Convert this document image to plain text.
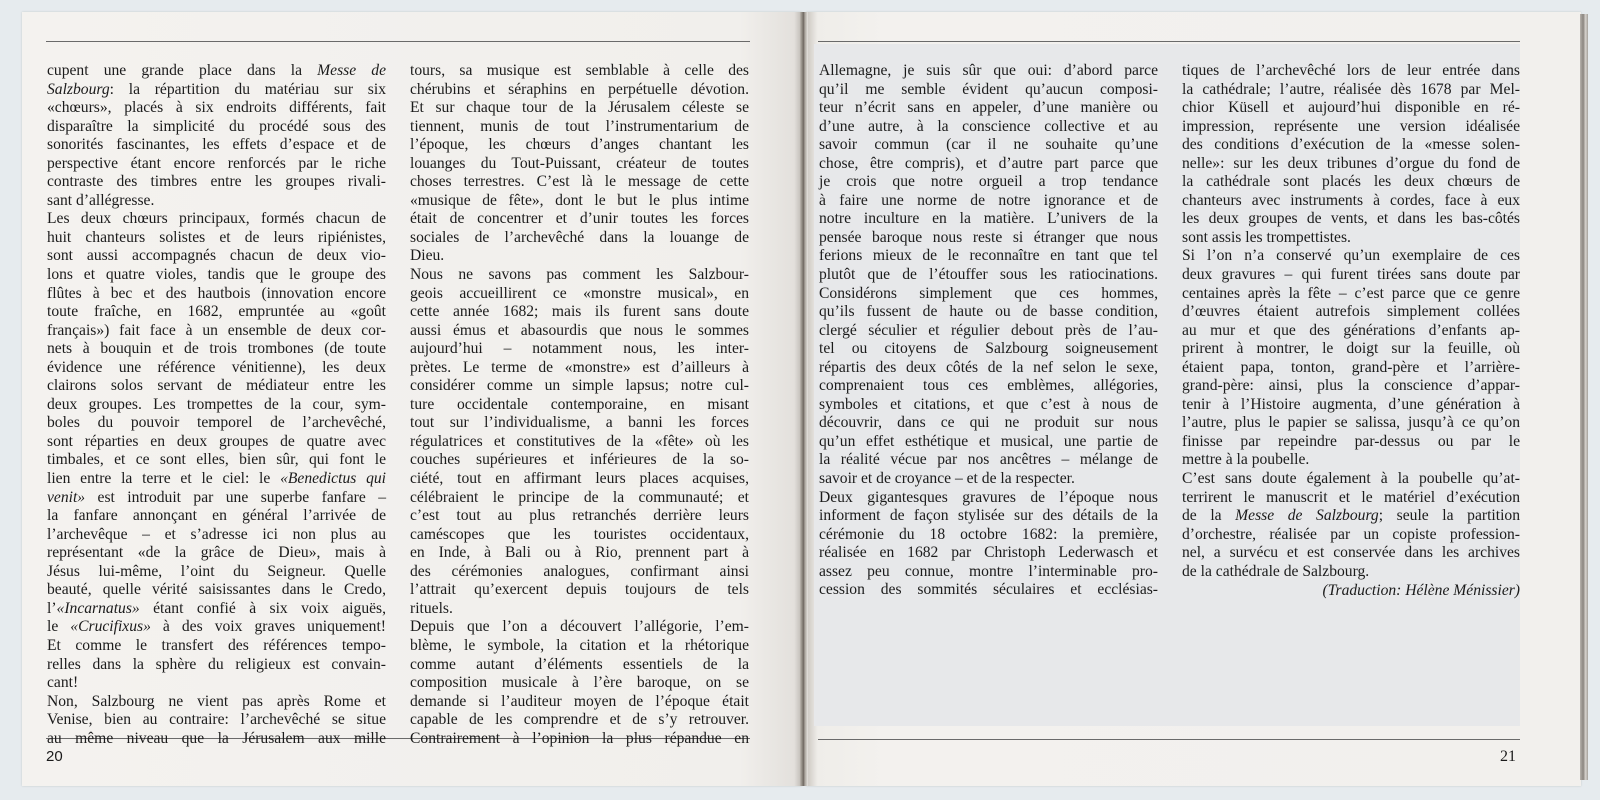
cupent une grande place dans la Messe de
Salzbourg: la répartition du matériau sur six
«chœurs», placés à six endroits différents, fait
disparaître la simplicité du procédé sous des
sonorités fascinantes, les effets d’espace et de
perspective étant encore renforcés par le riche
contraste des timbres entre les groupes rivali-
sant d’allégresse.
Les deux chœurs principaux, formés chacun de
huit chanteurs solistes et de leurs ripiénistes,
sont aussi accompagnés chacun de deux vio-
lons et quatre violes, tandis que le groupe des
flûtes à bec et des hautbois (innovation encore
toute fraîche, en 1682, empruntée au «goût
français») fait face à un ensemble de deux cor-
nets à bouquin et de trois trombones (de toute
évidence une référence vénitienne), les deux
clairons solos servant de médiateur entre les
deux groupes. Les trompettes de la cour, sym-
boles du pouvoir temporel de l’archevêché,
sont réparties en deux groupes de quatre avec
timbales, et ce sont elles, bien sûr, qui font le
lien entre la terre et le ciel: le «Benedictus qui
venit» est introduit par une superbe fanfare –
la fanfare annonçant en général l’arrivée de
l’archevêque – et s’adresse ici non plus au
représentant «de la grâce de Dieu», mais à
Jésus lui-même, l’oint du Seigneur. Quelle
beauté, quelle vérité saisissantes dans le Credo,
l’«Incarnatus» étant confié à six voix aiguës,
le «Crucifixus» à des voix graves uniquement!
Et comme le transfert des références tempo-
relles dans la sphère du religieux est convain-
cant!
Non, Salzbourg ne vient pas après Rome et
Venise, bien au contraire: l’archevêché se situe
au même niveau que la Jérusalem aux mille
tours, sa musique est semblable à celle des
chérubins et séraphins en perpétuelle dévotion.
Et sur chaque tour de la Jérusalem céleste se
tiennent, munis de tout l’instrumentarium de
l’époque, les chœurs d’anges chantant les
louanges du Tout-Puissant, créateur de toutes
choses terrestres. C’est là le message de cette
«musique de fête», dont le but le plus intime
était de concentrer et d’unir toutes les forces
sociales de l’archevêché dans la louange de
Dieu.
Nous ne savons pas comment les Salzbour-
geois accueillirent ce «monstre musical», en
cette année 1682; mais ils furent sans doute
aussi émus et abasourdis que nous le sommes
aujourd’hui – notamment nous, les inter-
prètes. Le terme de «monstre» est d’ailleurs à
considérer comme un simple lapsus; notre cul-
ture occidentale contemporaine, en misant
tout sur l’individualisme, a banni les forces
régulatrices et constitutives de la «fête» où les
couches supérieures et inférieures de la so-
ciété, tout en affirmant leurs places acquises,
célébraient le principe de la communauté; et
c’est tout au plus retranchés derrière leurs
caméscopes que les touristes occidentaux,
en Inde, à Bali ou à Rio, prennent part à
des cérémonies analogues, confirmant ainsi
l’attrait qu’exercent depuis toujours de tels
rituels.
Depuis que l’on a découvert l’allégorie, l’em-
blème, le symbole, la citation et la rhétorique
comme autant d’éléments essentiels de la
composition musicale à l’ère baroque, on se
demande si l’auditeur moyen de l’époque était
capable de les comprendre et de s’y retrouver.
Contrairement à l’opinion la plus répandue en
Allemagne, je suis sûr que oui: d’abord parce
qu’il me semble évident qu’aucun composi-
teur n’écrit sans en appeler, d’une manière ou
d’une autre, à la conscience collective et au
savoir commun (car il ne souhaite qu’une
chose, être compris), et d’autre part parce que
je crois que notre orgueil a trop tendance
à faire une norme de notre ignorance et de
notre inculture en la matière. L’univers de la
pensée baroque nous reste si étranger que nous
ferions mieux de le reconnaître en tant que tel
plutôt que de l’étouffer sous les ratiocinations.
Considérons simplement que ces hommes,
qu’ils fussent de haute ou de basse condition,
clergé séculier et régulier debout près de l’au-
tel ou citoyens de Salzbourg soigneusement
répartis des deux côtés de la nef selon le sexe,
comprenaient tous ces emblèmes, allégories,
symboles et citations, et que c’est à nous de
découvrir, dans ce qui ne produit sur nous
qu’un effet esthétique et musical, une partie de
la réalité vécue par nos ancêtres – mélange de
savoir et de croyance – et de la respecter.
Deux gigantesques gravures de l’époque nous
informent de façon stylisée sur des détails de la
cérémonie du 18 octobre 1682: la première,
réalisée en 1682 par Christoph Lederwasch et
assez peu connue, montre l’interminable pro-
cession des sommités séculaires et ecclésias-
tiques de l’archevêché lors de leur entrée dans
la cathédrale; l’autre, réalisée dès 1678 par Mel-
chior Küsell et aujourd’hui disponible en ré-
impression, représente une version idéalisée
des conditions d’exécution de la «messe solen-
nelle»: sur les deux tribunes d’orgue du fond de
la cathédrale sont placés les deux chœurs de
chanteurs avec instruments à cordes, face à eux
les deux groupes de vents, et dans les bas-côtés
sont assis les trompettistes.
Si l’on n’a conservé qu’un exemplaire de ces
deux gravures – qui furent tirées sans doute par
centaines après la fête – c’est parce que ce genre
d’œuvres étaient autrefois simplement collées
au mur et que des générations d’enfants ap-
prirent à montrer, le doigt sur la feuille, où
étaient papa, tonton, grand-père et l’arrière-
grand-père: ainsi, plus la conscience d’appar-
tenir à l’Histoire augmenta, d’une génération à
l’autre, plus le papier se salissa, jusqu’à ce qu’on
finisse par repeindre par-dessus ou par le
mettre à la poubelle.
C’est sans doute également à la poubelle qu’at-
terrirent le manuscrit et le matériel d’exécution
de la Messe de Salzbourg; seule la partition
d’orchestre, réalisée par un copiste profession-
nel, a survécu et est conservée dans les archives
de la cathédrale de Salzbourg.
(Traduction: Hélène Ménissier)
20	21
